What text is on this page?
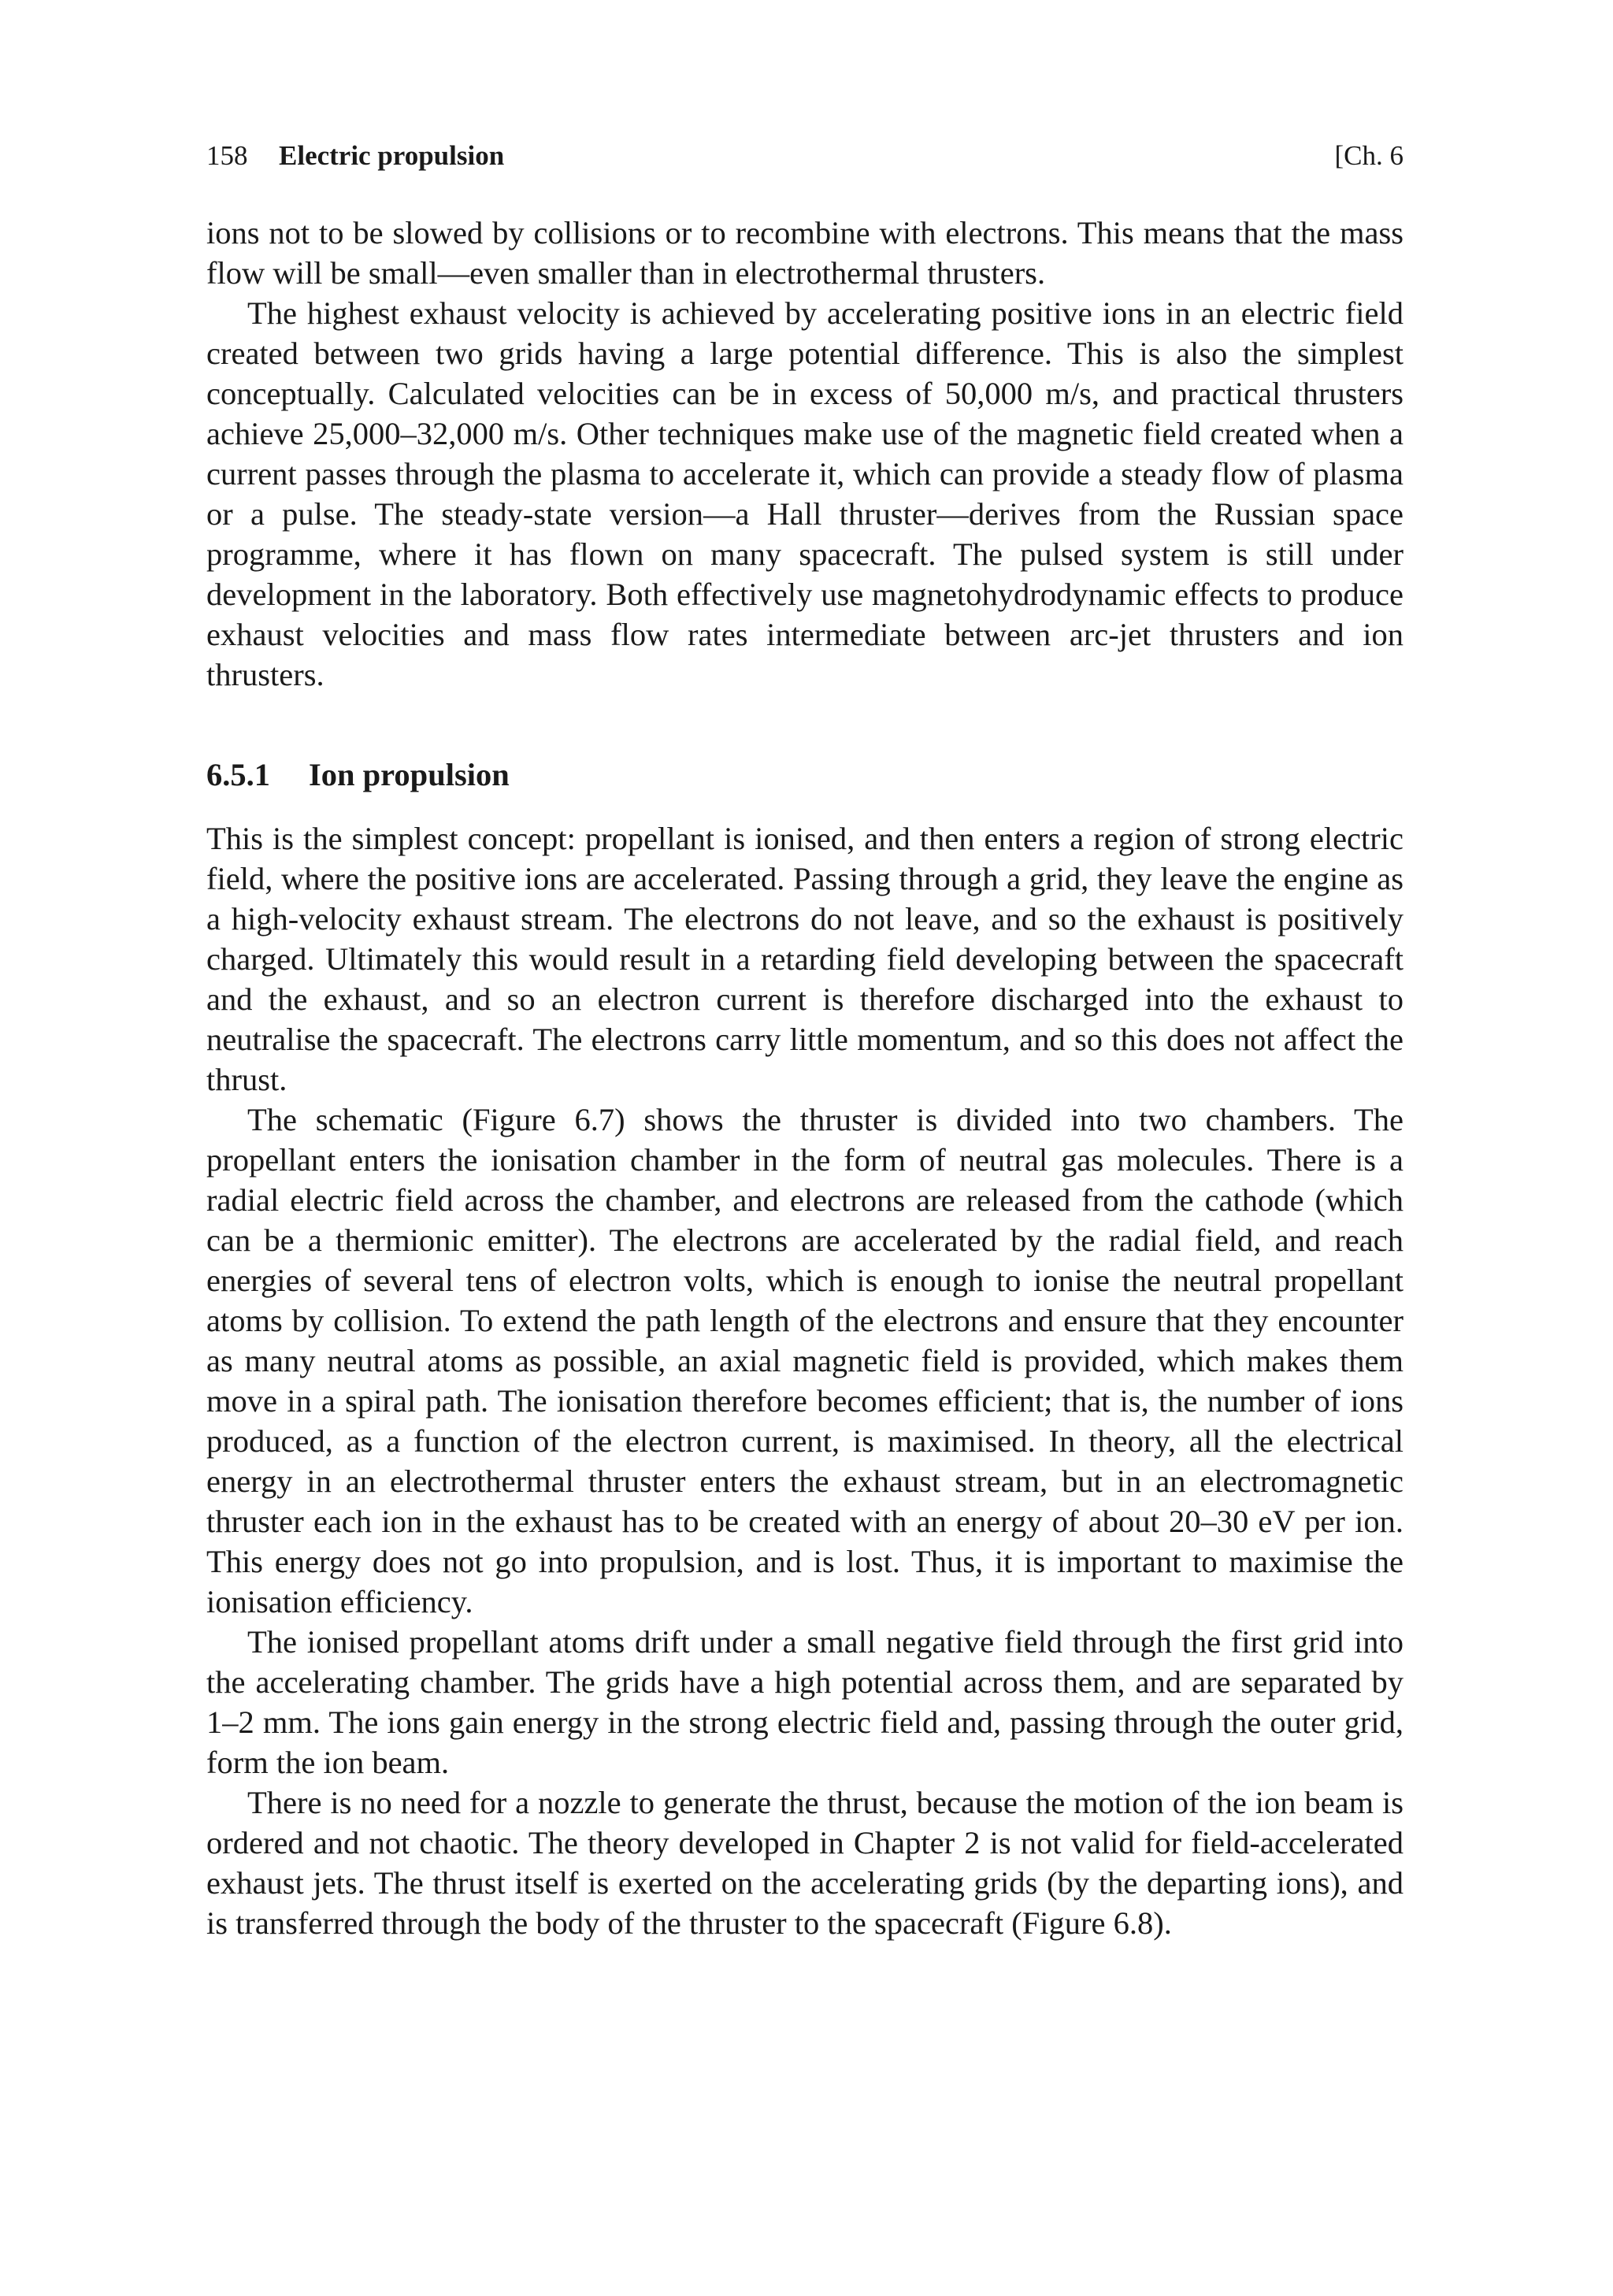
158 Electric propulsion	[Ch. 6

ions not to be slowed by collisions or to recombine with electrons. This means that the mass flow will be small—even smaller than in electrothermal thrusters.

The highest exhaust velocity is achieved by accelerating positive ions in an electric field created between two grids having a large potential difference. This is also the simplest conceptually. Calculated velocities can be in excess of 50,000 m/s, and practical thrusters achieve 25,000–32,000 m/s. Other techniques make use of the magnetic field created when a current passes through the plasma to accelerate it, which can provide a steady flow of plasma or a pulse. The steady-state version—a Hall thruster—derives from the Russian space programme, where it has flown on many spacecraft. The pulsed system is still under development in the laboratory. Both effectively use magnetohydrodynamic effects to produce exhaust velocities and mass flow rates intermediate between arc-jet thrusters and ion thrusters.

6.5.1 Ion propulsion

This is the simplest concept: propellant is ionised, and then enters a region of strong electric field, where the positive ions are accelerated. Passing through a grid, they leave the engine as a high-velocity exhaust stream. The electrons do not leave, and so the exhaust is positively charged. Ultimately this would result in a retarding field developing between the spacecraft and the exhaust, and so an electron current is therefore discharged into the exhaust to neutralise the spacecraft. The electrons carry little momentum, and so this does not affect the thrust.

The schematic (Figure 6.7) shows the thruster is divided into two chambers. The propellant enters the ionisation chamber in the form of neutral gas molecules. There is a radial electric field across the chamber, and electrons are released from the cathode (which can be a thermionic emitter). The electrons are accelerated by the radial field, and reach energies of several tens of electron volts, which is enough to ionise the neutral propellant atoms by collision. To extend the path length of the electrons and ensure that they encounter as many neutral atoms as possible, an axial magnetic field is provided, which makes them move in a spiral path. The ionisation therefore becomes efficient; that is, the number of ions produced, as a function of the electron current, is maximised. In theory, all the electrical energy in an electrothermal thruster enters the exhaust stream, but in an electromagnetic thruster each ion in the exhaust has to be created with an energy of about 20–30 eV per ion. This energy does not go into propulsion, and is lost. Thus, it is important to maximise the ionisation efficiency.

The ionised propellant atoms drift under a small negative field through the first grid into the accelerating chamber. The grids have a high potential across them, and are separated by 1–2 mm. The ions gain energy in the strong electric field and, passing through the outer grid, form the ion beam.

There is no need for a nozzle to generate the thrust, because the motion of the ion beam is ordered and not chaotic. The theory developed in Chapter 2 is not valid for field-accelerated exhaust jets. The thrust itself is exerted on the accelerating grids (by the departing ions), and is transferred through the body of the thruster to the spacecraft (Figure 6.8).
